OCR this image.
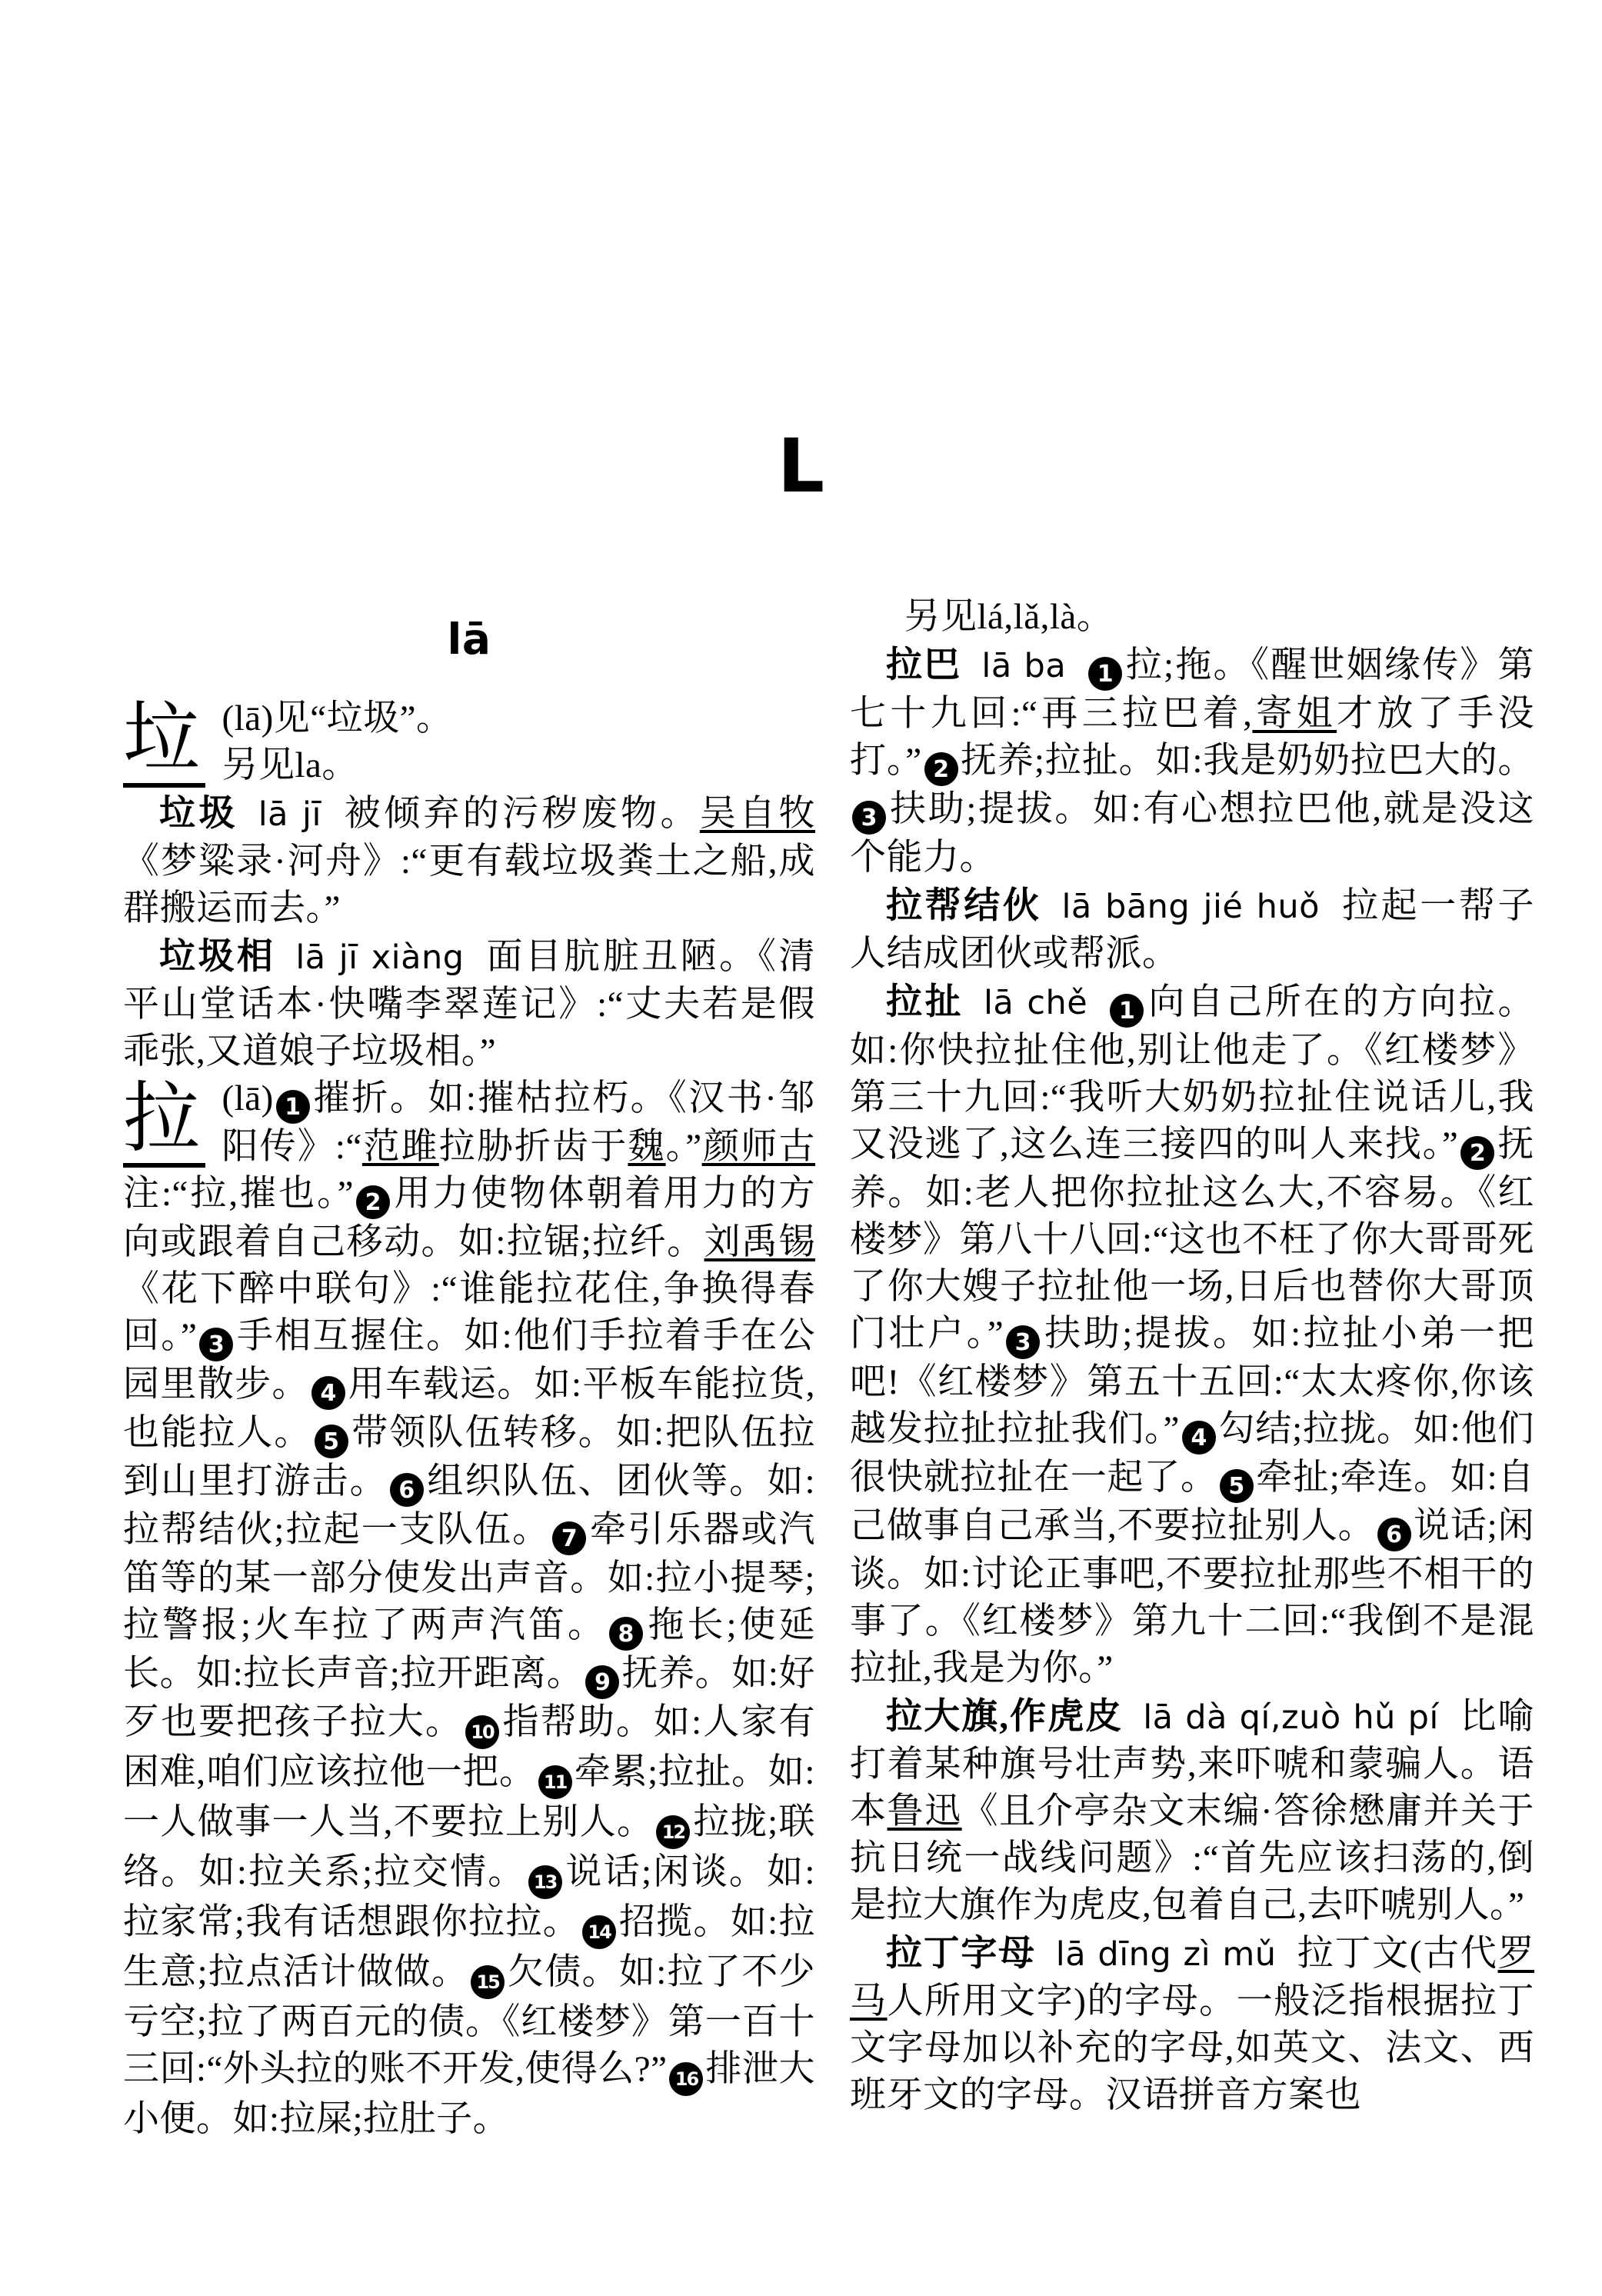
L
lā
垃 (lā)见“垃圾”。
另见la。

垃圾 lā jī 被倾弃的污秽废物。吴自牧《梦粱录·河舟》:“更有载垃圾粪土之船,成群搬运而去。”

垃圾相 lā jī xiàng 面目肮脏丑陋。《清平山堂话本·快嘴李翠莲记》:“丈夫若是假乖张,又道娘子垃圾相。”

拉 (lā) 1 摧折。如:摧枯拉朽。《汉书·邹阳传》:“范雎拉胁折齿于魏。”颜师古注:“拉,摧也。” 2 用力使物体朝着用力的方向或跟着自己移动。如:拉锯;拉纤。刘禹锡《花下醉中联句》:“谁能拉花住,争换得春回。” 3 手相互握住。如:他们手拉着手在公园里散步。 4 用车载运。如:平板车能拉货,也能拉人。 5 带领队伍转移。如:把队伍拉到山里打游击。 6 组织队伍、团伙等。如:拉帮结伙;拉起一支队伍。 7 牵引乐器或汽笛等的某一部分使发出声音。如:拉小提琴;拉警报;火车拉了两声汽笛。 8 拖长;使延长。如:拉长声音;拉开距离。 9 抚养。如:好歹也要把孩子拉大。 10 指帮助。如:人家有困难,咱们应该拉他一把。 11 牵累;拉扯。如:一人做事一人当,不要拉上别人。 12 拉拢;联络。如:拉关系;拉交情。 13 说话;闲谈。如:拉家常;我有话想跟你拉拉。 14 招揽。如:拉生意;拉点活计做做。 15 欠债。如:拉了不少亏空;拉了两百元的债。《红楼梦》第一百十三回:“外头拉的账不开发,使得么?” 16 排泄大小便。如:拉屎;拉肚子。

另见lá,lǎ,là。

拉巴 lā ba 1 拉;拖。《醒世姻缘传》第七十九回:“再三拉巴着,寄姐才放了手没打。” 2 抚养;拉扯。如:我是奶奶拉巴大的。3 扶助;提拔。如:有心想拉巴他,就是没这个能力。

拉帮结伙 lā bāng jié huǒ 拉起一帮子人结成团伙或帮派。

拉扯 lā chě 1 向自己所在的方向拉。如:你快拉扯住他,别让他走了。《红楼梦》第三十九回:“我听大奶奶拉扯住说话儿,我又没逃了,这么连三接四的叫人来找。” 2 抚养。如:老人把你拉扯这么大,不容易。《红楼梦》第八十八回:“这也不枉了你大哥哥死了你大嫂子拉扯他一场,日后也替你大哥顶门壮户。” 3 扶助;提拔。如:拉扯小弟一把吧!《红楼梦》第五十五回:“太太疼你,你该越发拉扯拉扯我们。” 4 勾结;拉拢。如:他们很快就拉扯在一起了。 5 牵扯;牵连。如:自己做事自己承当,不要拉扯别人。 6 说话;闲谈。如:讨论正事吧,不要拉扯那些不相干的事了。《红楼梦》第九十二回:“我倒不是混拉扯,我是为你。”

拉大旗,作虎皮 lā dà qí,zuò hǔ pí 比喻打着某种旗号壮声势,来吓唬和蒙骗人。语本鲁迅《且介亭杂文末编·答徐懋庸并关于抗日统一战线问题》:“首先应该扫荡的,倒是拉大旗作为虎皮,包着自己,去吓唬别人。”

拉丁字母 lā dīng zì mǔ 拉丁文(古代罗马人所用文字)的字母。一般泛指根据拉丁文字母加以补充的字母,如英文、法文、西班牙文的字母。汉语拼音方案也
